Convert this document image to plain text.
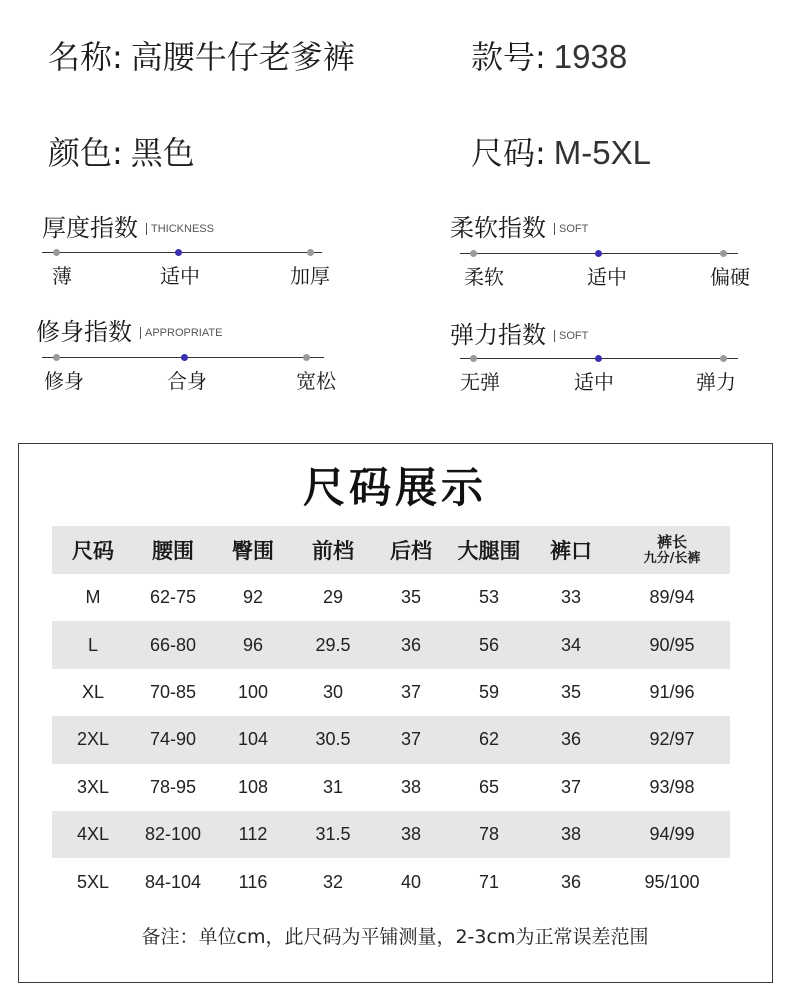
名称: 高腰牛仔老爹裤	款号: 1938
颜色: 黑色	尺码: M-5XL
厚度指数	THICKNESS
薄	适中	加厚
柔软指数	SOFT
柔软	适中	偏硬
修身指数	APPROPRIATE
修身	合身	宽松
弹力指数	SOFT
无弹	适中	弹力
尺码展示
尺码	腰围	臀围	前档	后档	大腿围	裤口	裤长
九分/长裤

M	62-75	92	29	35	53	33	89/94
L	66-80	96	29.5	36	56	34	90/95
XL	70-85	100	30	37	59	35	91/96
2XL	74-90	104	30.5	37	62	36	92/97
3XL	78-95	108	31	38	65	37	93/98
4XL	82-100	112	31.5	38	78	38	94/99
5XL	84-104	116	32	40	71	36	95/100
备注：单位cm，此尺码为平铺测量，2-3cm为正常误差范围
